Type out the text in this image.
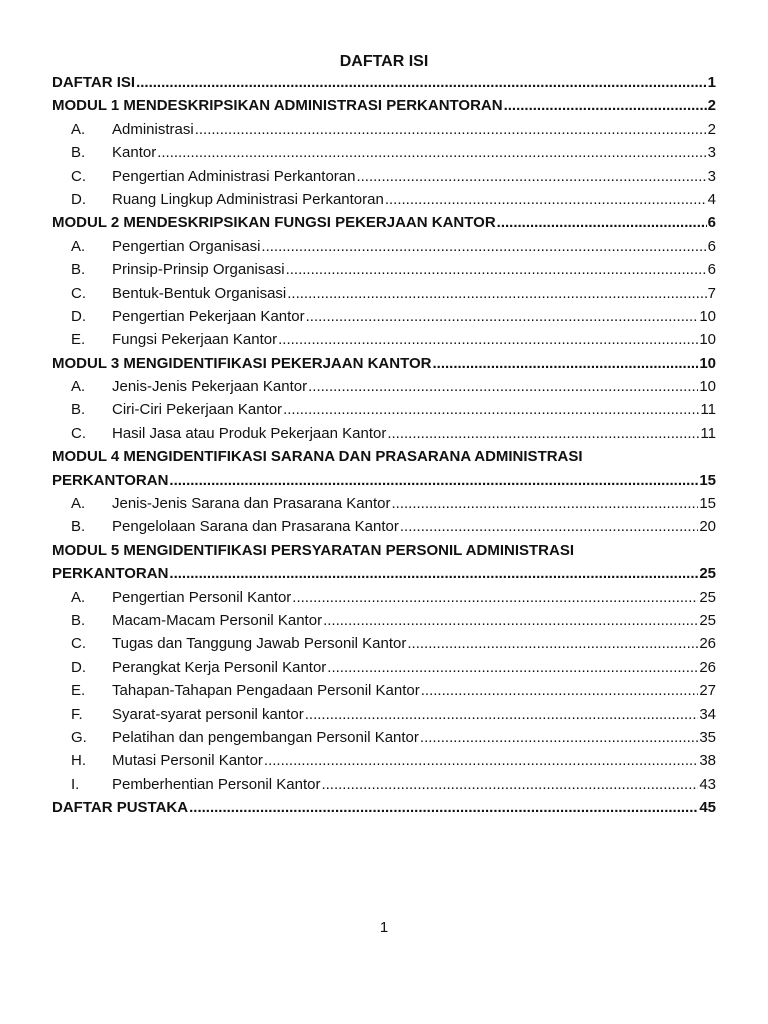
DAFTAR ISI
DAFTAR ISI .....	1
MODUL 1 MENDESKRIPSIKAN ADMINISTRASI PERKANTORAN .....	2
A.	Administrasi .....	2
B.	Kantor .....	3
C.	Pengertian Administrasi Perkantoran .....	3
D.	Ruang Lingkup Administrasi Perkantoran .....	4
MODUL 2 MENDESKRIPSIKAN FUNGSI PEKERJAAN KANTOR .....	6
A.	Pengertian Organisasi .....	6
B.	Prinsip-Prinsip Organisasi .....	6
C.	Bentuk-Bentuk Organisasi .....	7
D.	Pengertian Pekerjaan Kantor .....	10
E.	Fungsi Pekerjaan Kantor .....	10
MODUL 3 MENGIDENTIFIKASI PEKERJAAN KANTOR .....	10
A.	Jenis-Jenis Pekerjaan Kantor .....	10
B.	Ciri-Ciri Pekerjaan Kantor .....	11
C.	Hasil Jasa atau Produk Pekerjaan Kantor .....	11
MODUL 4 MENGIDENTIFIKASI SARANA DAN PRASARANA ADMINISTRASI
PERKANTORAN .....	15
A.	Jenis-Jenis Sarana dan Prasarana Kantor .....	15
B.	Pengelolaan Sarana dan Prasarana Kantor .....	20
MODUL 5 MENGIDENTIFIKASI PERSYARATAN PERSONIL ADMINISTRASI
PERKANTORAN .....	25
A.	Pengertian Personil Kantor .....	25
B.	Macam-Macam Personil Kantor .....	25
C.	Tugas dan Tanggung Jawab Personil Kantor .....	26
D.	Perangkat Kerja Personil Kantor .....	26
E.	Tahapan-Tahapan Pengadaan Personil Kantor .....	27
F.	Syarat-syarat personil kantor .....	34
G.	Pelatihan dan pengembangan Personil Kantor .....	35
H.	Mutasi Personil Kantor .....	38
I.	Pemberhentian Personil Kantor .....	43
DAFTAR PUSTAKA .....	45
1
